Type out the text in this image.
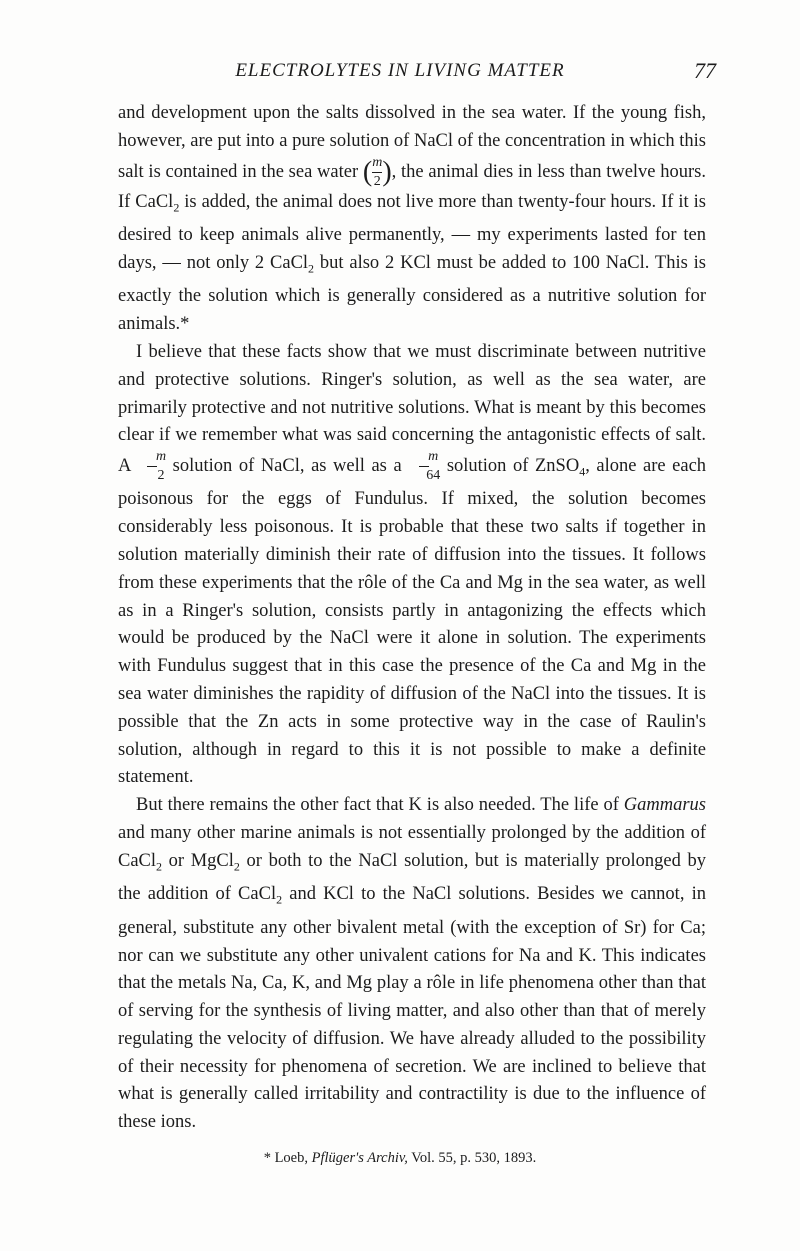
ELECTROLYTES IN LIVING MATTER	77

and development upon the salts dissolved in the sea water. If the young fish, however, are put into a pure solution of NaCl of the concentration in which this salt is contained in the sea water ( $\frac{m}{2}$ ), the animal dies in less than twelve hours. If CaCl$_2$ is added, the animal does not live more than twenty-four hours. If it is desired to keep animals alive permanently, — my experiments lasted for ten days, — not only 2 CaCl$_2$ but also 2 KCl must be added to 100 NaCl. This is exactly the solution which is generally considered as a nutritive solution for animals.*

I believe that these facts show that we must discriminate between nutritive and protective solutions. Ringer's solution, as well as the sea water, are primarily protective and not nutritive solutions. What is meant by this becomes clear if we remember what was said concerning the antagonistic effects of salt. A $\frac{m}{2}$ solution of NaCl, as well as a $\frac{m}{64}$ solution of ZnSO$_4$, alone are each poisonous for the eggs of Fundulus. If mixed, the solution becomes considerably less poisonous. It is probable that these two salts if together in solution materially diminish their rate of diffusion into the tissues. It follows from these experiments that the rôle of the Ca and Mg in the sea water, as well as in a Ringer's solution, consists partly in antagonizing the effects which would be produced by the NaCl were it alone in solution. The experiments with Fundulus suggest that in this case the presence of the Ca and Mg in the sea water diminishes the rapidity of diffusion of the NaCl into the tissues. It is possible that the Zn acts in some protective way in the case of Raulin's solution, although in regard to this it is not possible to make a definite statement.

But there remains the other fact that K is also needed. The life of Gammarus and many other marine animals is not essentially prolonged by the addition of CaCl$_2$ or MgCl$_2$ or both to the NaCl solution, but is materially prolonged by the addition of CaCl$_2$ and KCl to the NaCl solutions. Besides we cannot, in general, substitute any other bivalent metal (with the exception of Sr) for Ca; nor can we substitute any other univalent cations for Na and K. This indicates that the metals Na, Ca, K, and Mg play a rôle in life phenomena other than that of serving for the synthesis of living matter, and also other than that of merely regulating the velocity of diffusion. We have already alluded to the possibility of their necessity for phenomena of secretion. We are inclined to believe that what is generally called irritability and contractility is due to the influence of these ions.

* Loeb, Pflüger's Archiv, Vol. 55, p. 530, 1893.
